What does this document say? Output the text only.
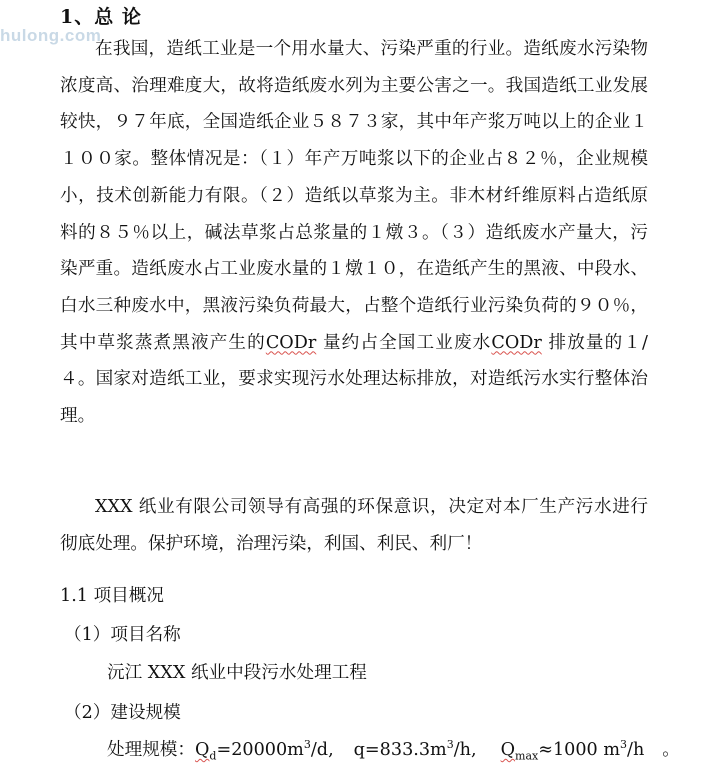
hulong.com
1、总 论

在我国，造纸工业是一个用水量大、污染严重的行业。造纸废水污染物浓度高、治理难度大，故将造纸废水列为主要公害之一。我国造纸工业发展较快，９７年底，全国造纸企业５８７３家，其中年产浆万吨以上的企业１１００家。整体情况是：（１）年产万吨浆以下的企业占８２％，企业规模小，技术创新能力有限。（２）造纸以草浆为主。非木材纤维原料占造纸原料的８５％以上，碱法草浆占总浆量的１燉３。（３）造纸废水产量大，污染严重。造纸废水占工业废水量的１燉１０，在造纸产生的黑液、中段水、白水三种废水中，黑液污染负荷最大，占整个造纸行业污染负荷的９０％，其中草浆蒸煮黑液产生的CODr 量约占全国工业废水CODr 排放量的１/４。国家对造纸工业，要求实现污水处理达标排放，对造纸污水实行整体治理。

XXX 纸业有限公司领导有高强的环保意识，决定对本厂生产污水进行彻底处理。保护环境，治理污染，利国、利民、利厂！

1.1 项目概况
（1）项目名称
沅江 XXX 纸业中段污水处理工程
（2）建设规模
处理规模：$Q_d=20000m^3/d$, $q=833.3m^3/h$, $Q_{max}\approx 1000$ $m^3/h$ 。
